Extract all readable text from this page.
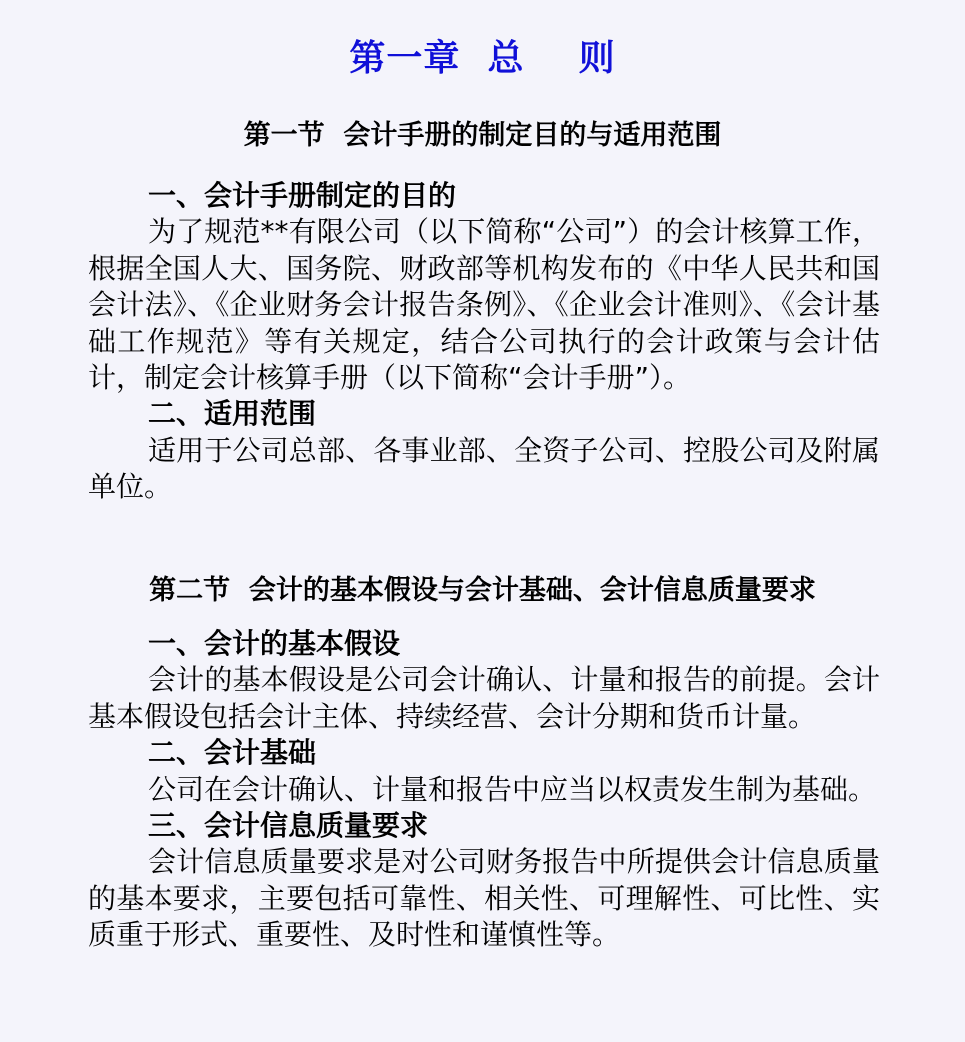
第一章  总    则
第一节  会计手册的制定目的与适用范围

一、会计手册制定的目的

为了规范**有限公司（以下简称“公司”）的会计核算工作，根据全国人大、国务院、财政部等机构发布的《中华人民共和国会计法》、《企业财务会计报告条例》、《企业会计准则》、《会计基础工作规范》等有关规定，结合公司执行的会计政策与会计估计，制定会计核算手册（以下简称“会计手册”）。

二、适用范围

适用于公司总部、各事业部、全资子公司、控股公司及附属单位。

第二节  会计的基本假设与会计基础、会计信息质量要求

一、会计的基本假设

会计的基本假设是公司会计确认、计量和报告的前提。会计基本假设包括会计主体、持续经营、会计分期和货币计量。

二、会计基础

公司在会计确认、计量和报告中应当以权责发生制为基础。

三、会计信息质量要求

会计信息质量要求是对公司财务报告中所提供会计信息质量的基本要求，主要包括可靠性、相关性、可理解性、可比性、实质重于形式、重要性、及时性和谨慎性等。
